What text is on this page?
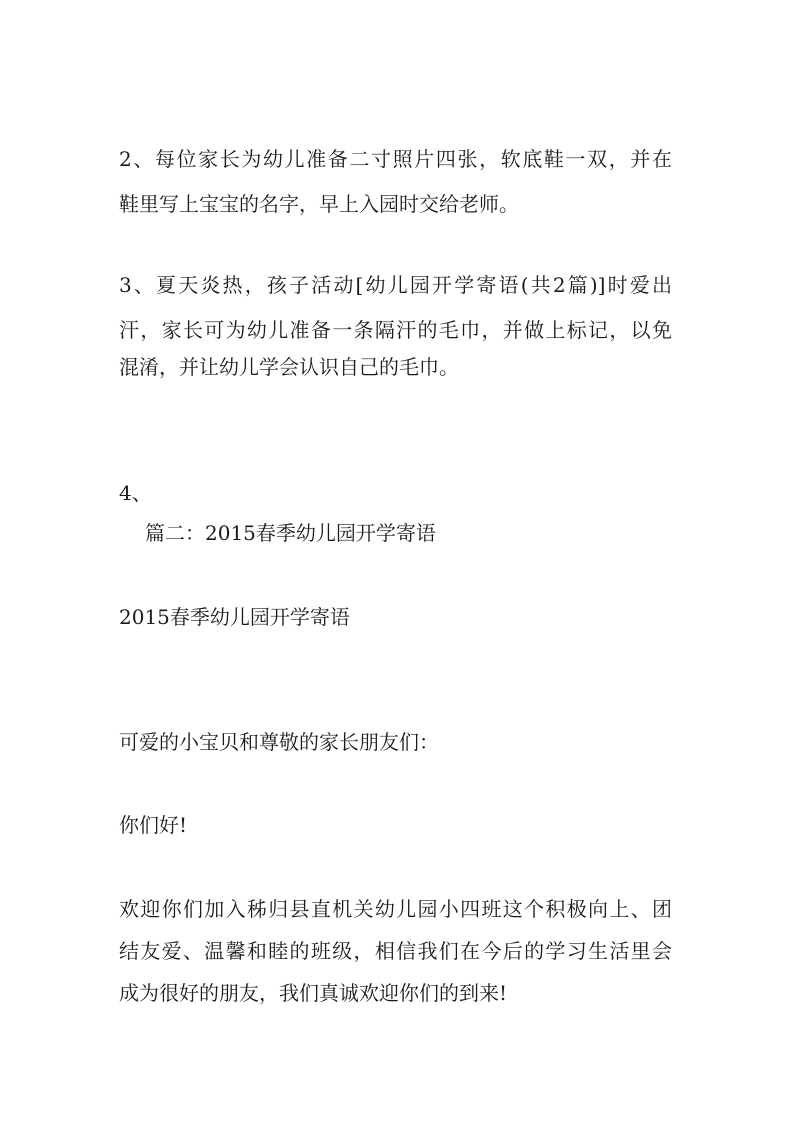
2、每位家长为幼儿准备二寸照片四张，软底鞋一双，并在
鞋里写上宝宝的名字，早上入园时交给老师。
3、夏天炎热，孩子活动[幼儿园开学寄语(共2篇)]时爱出
汗，家长可为幼儿准备一条隔汗的毛巾，并做上标记，以免
混淆，并让幼儿学会认识自己的毛巾。
4、
篇二：2015春季幼儿园开学寄语
2015春季幼儿园开学寄语
可爱的小宝贝和尊敬的家长朋友们：
你们好!
欢迎你们加入秭归县直机关幼儿园小四班这个积极向上、团
结友爱、温馨和睦的班级，相信我们在今后的学习生活里会
成为很好的朋友，我们真诚欢迎你们的到来!
